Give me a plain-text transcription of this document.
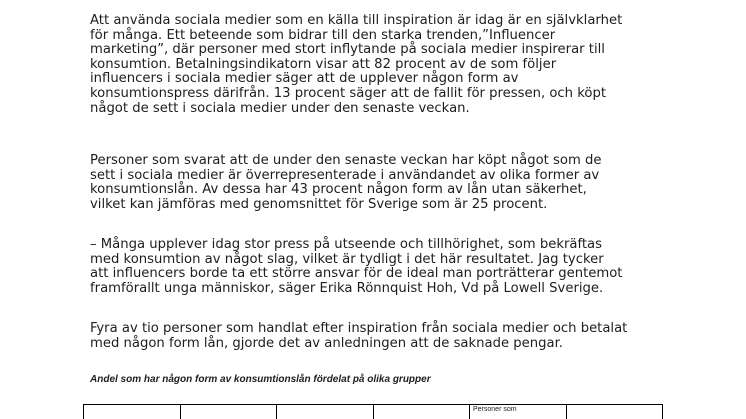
Att använda sociala medier som en källa till inspiration är idag är en självklarhet
för många. Ett beteende som bidrar till den starka trenden,”Influencer
marketing”, där personer med stort inflytande på sociala medier inspirerar till
konsumtion. Betalningsindikatorn visar att 82 procent av de som följer
influencers i sociala medier säger att de upplever någon form av
konsumtionspress därifrån. 13 procent säger att de fallit för pressen, och köpt
något de sett i sociala medier under den senaste veckan.

Personer som svarat att de under den senaste veckan har köpt något som de
sett i sociala medier är överrepresenterade i användandet av olika former av
konsumtionslån. Av dessa har 43 procent någon form av lån utan säkerhet,
vilket kan jämföras med genomsnittet för Sverige som är 25 procent.

– Många upplever idag stor press på utseende och tillhörighet, som bekräftas
med konsumtion av något slag, vilket är tydligt i det här resultatet. Jag tycker
att influencers borde ta ett större ansvar för de ideal man porträtterar gentemot
framförallt unga människor, säger Erika Rönnquist Hoh, Vd på Lowell Sverige.

Fyra av tio personer som handlat efter inspiration från sociala medier och betalat
med någon form lån, gjorde det av anledningen att de saknade pengar.

Andel som har någon form av konsumtionslån fördelat på olika grupper
				Personer som	
